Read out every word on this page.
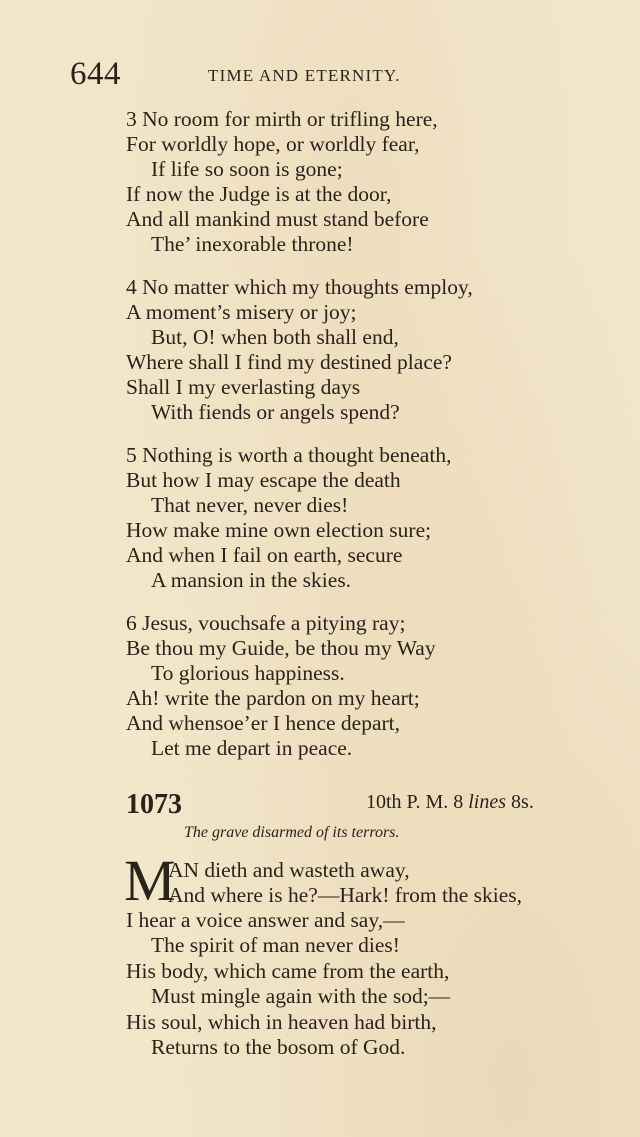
644	TIME AND ETERNITY.
3 No room for mirth or trifling here,
For worldly hope, or worldly fear,
If life so soon is gone;
If now the Judge is at the door,
And all mankind must stand before
The’ inexorable throne!
4 No matter which my thoughts employ,
A moment’s misery or joy;
But, O! when both shall end,
Where shall I find my destined place?
Shall I my everlasting days
With fiends or angels spend?
5 Nothing is worth a thought beneath,
But how I may escape the death
That never, never dies!
How make mine own election sure;
And when I fail on earth, secure
A mansion in the skies.
6 Jesus, vouchsafe a pitying ray;
Be thou my Guide, be thou my Way
To glorious happiness.
Ah! write the pardon on my heart;
And whensoe’er I hence depart,
Let me depart in peace.
1073	10th P. M. 8 lines 8s.
The grave disarmed of its terrors.
M
AN dieth and wasteth away,
And where is he?—Hark! from the skies,
I hear a voice answer and say,—
The spirit of man never dies!
His body, which came from the earth,
Must mingle again with the sod;—
His soul, which in heaven had birth,
Returns to the bosom of God.
